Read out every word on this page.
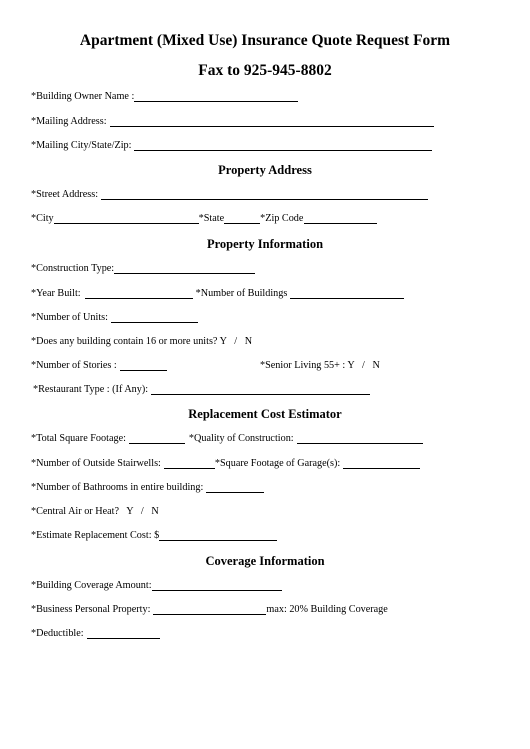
Apartment (Mixed Use) Insurance Quote Request Form
Fax to 925-945-8802
*Building Owner Name :
*Mailing Address:
*Mailing City/State/Zip:
Property Address
*Street Address:
*City	*State	*Zip Code
Property Information
*Construction Type:
*Year Built:	*Number of Buildings
*Number of Units:
*Does any building contain 16 or more units? Y   /   N
*Number of Stories :	*Senior Living 55+ : Y   /   N
*Restaurant Type : (If Any):
Replacement Cost Estimator
*Total Square Footage:	*Quality of Construction:
*Number of Outside Stairwells:	*Square Footage of Garage(s):
*Number of Bathrooms in entire building:
*Central Air or Heat?   Y   /   N
*Estimate Replacement Cost: $
Coverage Information
*Building Coverage Amount:
*Business Personal Property:	max: 20% Building Coverage
*Deductible:
